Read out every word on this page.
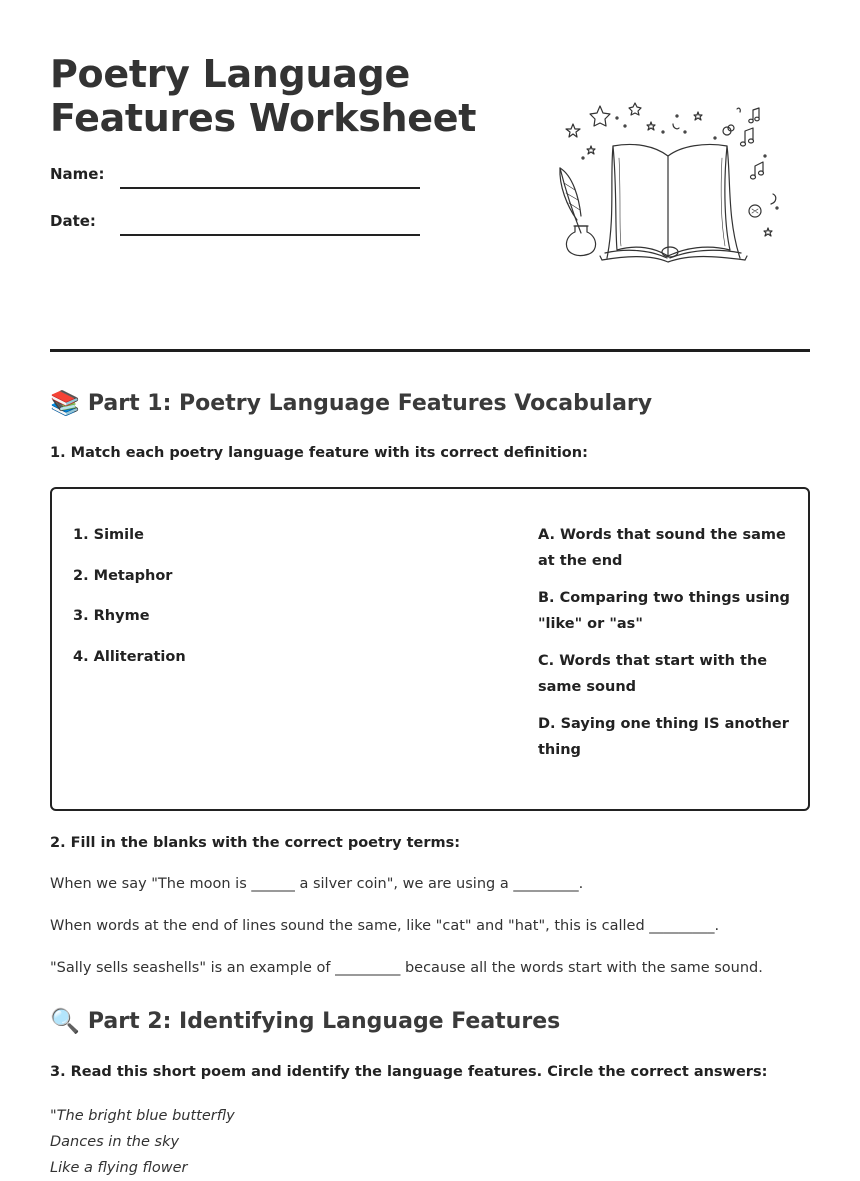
Poetry Language
Features Worksheet
Name:
Date:
📚 Part 1: Poetry Language Features Vocabulary

1. Match each poetry language feature with its correct definition:

1. Simile
2. Metaphor
3. Rhyme
4. Alliteration
A. Words that sound the same at the end
B. Comparing two things using "like" or "as"
C. Words that start with the same sound
D. Saying one thing IS another thing

2. Fill in the blanks with the correct poetry terms:

When we say "The moon is ______ a silver coin", we are using a _________.

When words at the end of lines sound the same, like "cat" and "hat", this is called _________.

"Sally sells seashells" is an example of _________ because all the words start with the same sound.

🔍 Part 2: Identifying Language Features

3. Read this short poem and identify the language features. Circle the correct answers:

"The bright blue butterfly
Dances in the sky
Like a flying flower
